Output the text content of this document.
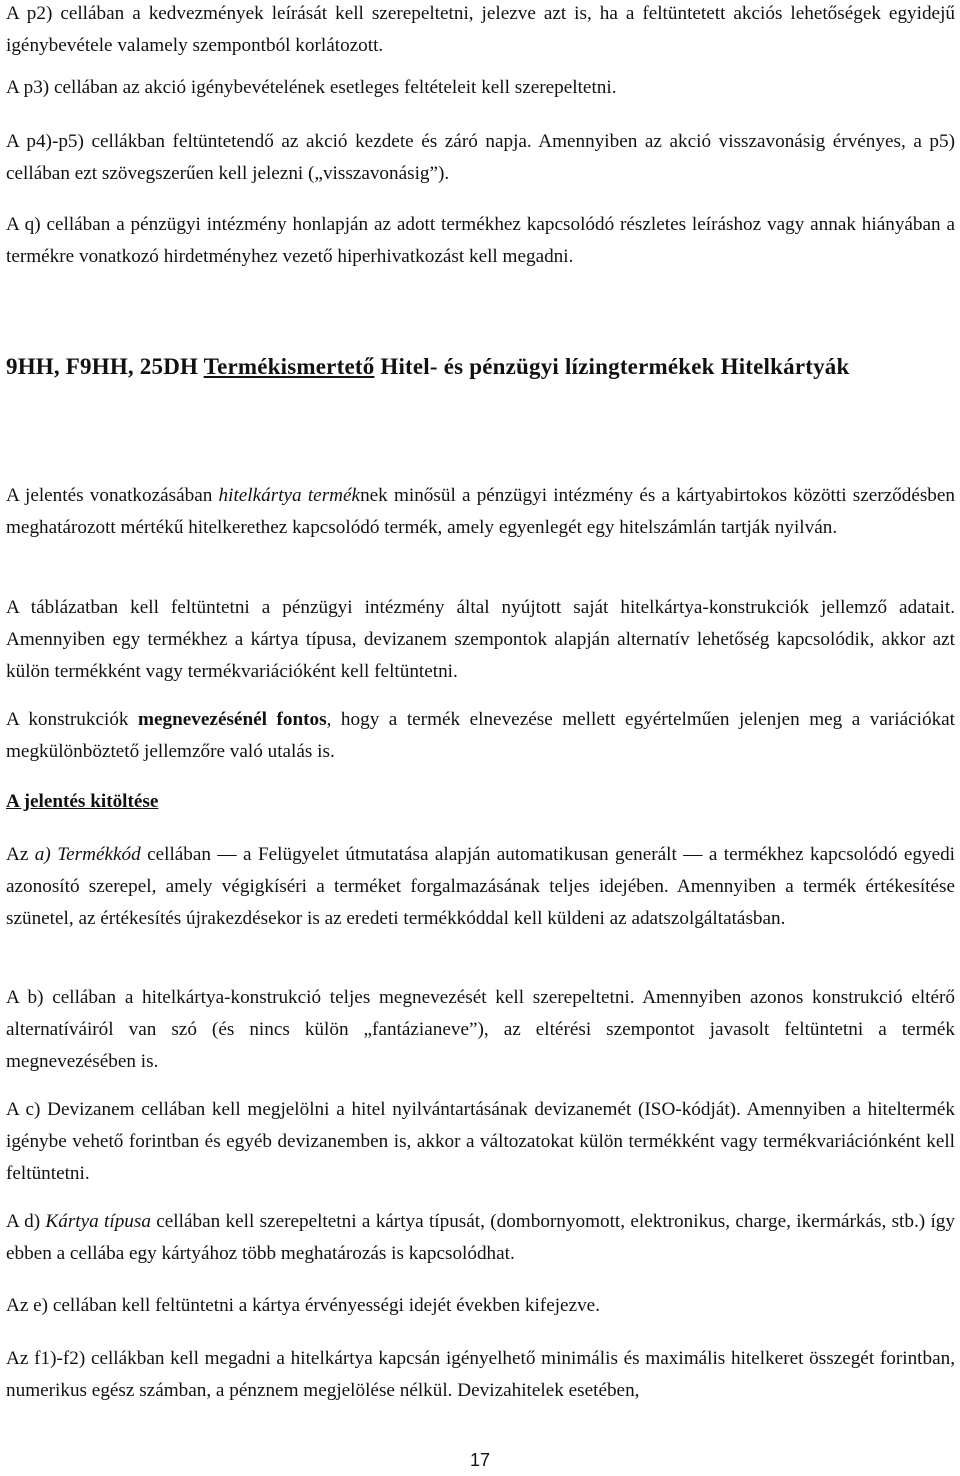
A p2) cellában a kedvezmények leírását kell szerepeltetni, jelezve azt is, ha a feltüntetett akciós lehetőségek egyidejű igénybevétele valamely szempontból korlátozott.

A p3) cellában az akció igénybevételének esetleges feltételeit kell szerepeltetni.

A p4)-p5) cellákban feltüntetendő az akció kezdete és záró napja. Amennyiben az akció visszavonásig érvényes, a p5) cellában ezt szövegszerűen kell jelezni („visszavonásig”).

A q) cellában a pénzügyi intézmény honlapján az adott termékhez kapcsolódó részletes leíráshoz vagy annak hiányában a termékre vonatkozó hirdetményhez vezető hiperhivatkozást kell megadni.

9HH, F9HH, 25DH Termékismertető Hitel- és pénzügyi lízingtermékek Hitelkártyák

A jelentés vonatkozásában hitelkártya terméknek minősül a pénzügyi intézmény és a kártyabirtokos közötti szerződésben meghatározott mértékű hitelkerethez kapcsolódó termék, amely egyenlegét egy hitelszámlán tartják nyilván.

A táblázatban kell feltüntetni a pénzügyi intézmény által nyújtott saját hitelkártya-konstrukciók jellemző adatait. Amennyiben egy termékhez a kártya típusa, devizanem szempontok alapján alternatív lehetőség kapcsolódik, akkor azt külön termékként vagy termékvariációként kell feltüntetni.

A konstrukciók megnevezésénél fontos, hogy a termék elnevezése mellett egyértelműen jelenjen meg a variációkat megkülönböztető jellemzőre való utalás is.

A jelentés kitöltése

Az a) Termékkód cellában — a Felügyelet útmutatása alapján automatikusan generált — a termékhez kapcsolódó egyedi azonosító szerepel, amely végigkíséri a terméket forgalmazásának teljes idejében. Amennyiben a termék értékesítése szünetel, az értékesítés újrakezdésekor is az eredeti termékkóddal kell küldeni az adatszolgáltatásban.

A b) cellában a hitelkártya-konstrukció teljes megnevezését kell szerepeltetni. Amennyiben azonos konstrukció eltérő alternatíváiról van szó (és nincs külön „fantázianeve”), az eltérési szempontot javasolt feltüntetni a termék megnevezésében is.

A c) Devizanem cellában kell megjelölni a hitel nyilvántartásának devizanemét (ISO-kódját). Amennyiben a hiteltermék igénybe vehető forintban és egyéb devizanemben is, akkor a változatokat külön termékként vagy termékvariációnként kell feltüntetni.

A d) Kártya típusa cellában kell szerepeltetni a kártya típusát, (dombornyomott, elektronikus, charge, ikermárkás, stb.) így ebben a cellába egy kártyához több meghatározás is kapcsolódhat.

Az e) cellában kell feltüntetni a kártya érvényességi idejét években kifejezve.

Az f1)-f2) cellákban kell megadni a hitelkártya kapcsán igényelhető minimális és maximális hitelkeret összegét forintban, numerikus egész számban, a pénznem megjelölése nélkül. Devizahitelek esetében,

17
